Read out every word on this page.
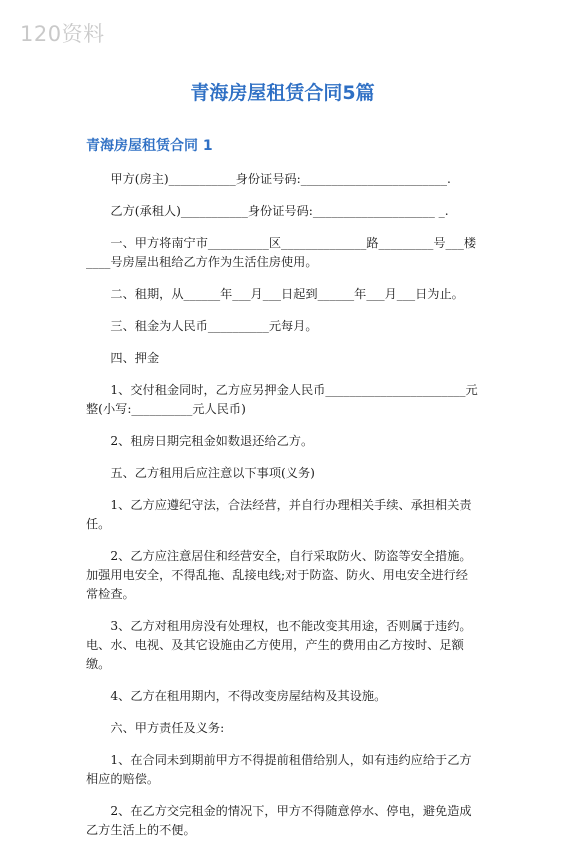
120资料
青海房屋租赁合同5篇
青海房屋租赁合同 1

甲方(房主)___________身份证号码:________________________.

乙方(承租人)___________身份证号码:____________________ _.

一、甲方将南宁市__________区______________路_________号___楼____号房屋出租给乙方作为生活住房使用。

二、租期，从______年___月___日起到______年___月___日为止。

三、租金为人民币__________元每月。

四、押金

1、交付租金同时，乙方应另押金人民币_______________________元整(小写:__________元人民币)

2、租房日期完租金如数退还给乙方。

五、乙方租用后应注意以下事项(义务)

1、乙方应遵纪守法，合法经营，并自行办理相关手续、承担相关责任。

2、乙方应注意居住和经营安全，自行采取防火、防盗等安全措施。加强用电安全，不得乱拖、乱接电线;对于防盗、防火、用电安全进行经常检查。

3、乙方对租用房没有处理权，也不能改变其用途，否则属于违约。电、水、电视、及其它设施由乙方使用，产生的费用由乙方按时、足额缴。

4、乙方在租用期内，不得改变房屋结构及其设施。

六、甲方责任及义务:

1、在合同未到期前甲方不得提前租借给别人，如有违约应给于乙方相应的赔偿。

2、在乙方交完租金的情况下，甲方不得随意停水、停电，避免造成乙方生活上的不便。
